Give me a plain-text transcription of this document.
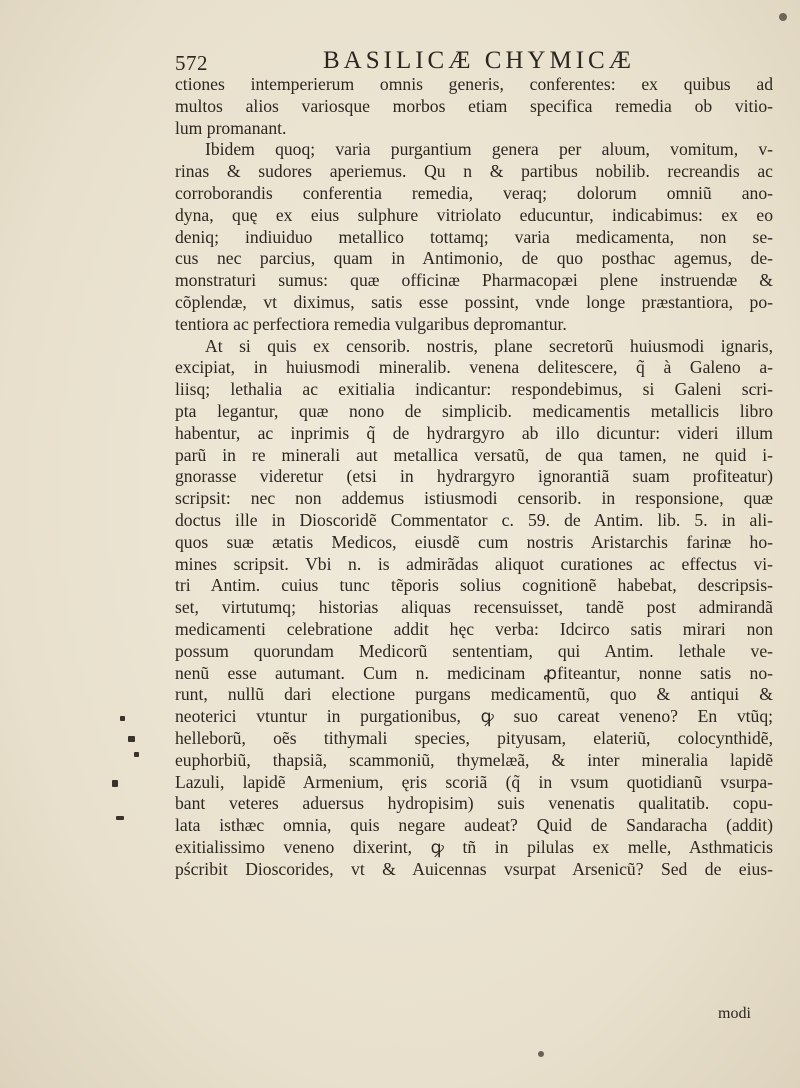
572	BASILICÆ CHYMICÆ
ctiones intemperierum omnis generis, conferentes: ex quibus ad
multos alios variosque morbos etiam specifica remedia ob vitio-
lum promanant.
Ibidem quoq; varia purgantium genera per alυum, vomitum, v-
rinas & sudores aperiemus. Qu n & partibus nobilib. recreandis ac
corroborandis conferentia remedia, veraq; dolorum omniũ ano-
dyna, quę ex eius sulphure vitriolato educuntur, indicabimus: ex eo
deniq; indiuiduo metallico tottamq; varia medicamenta, non se-
cus nec parcius, quam in Antimonio, de quo posthac agemus, de-
monstraturi sumus: quæ officinæ Pharmacopæi plene instruendæ &
cõplendæ, vt diximus, satis esse possint, vnde longe præstantiora, po-
tentiora ac perfectiora remedia vulgaribus depromantur.
At si quis ex censorib. nostris, plane secretorũ huiusmodi ignaris,
excipiat, in huiusmodi mineralib. venena delitescere, q̃ à Galeno a-
liisq; lethalia ac exitialia indicantur: respondebimus, si Galeni scri-
pta legantur, quæ nono de simplicib. medicamentis metallicis libro
habentur, ac inprimis q̃ de hydrargyro ab illo dicuntur: videri illum
parũ in re minerali aut metallica versatũ, de qua tamen, ne quid i-
gnorasse videretur (etsi in hydrargyro ignorantiã suam profiteatur)
scripsit: nec non addemus istiusmodi censorib. in responsione, quæ
doctus ille in Dioscoridẽ Commentator c. 59. de Antim. lib. 5. in ali-
quos suæ ætatis Medicos, eiusdẽ cum nostris Aristarchis farinæ ho-
mines scripsit. Vbi n. is admirãdas aliquot curationes ac effectus vi-
tri Antim. cuius tunc tẽporis solius cognitionẽ habebat, descripsis-
set, virtutumq; historias aliquas recensuisset, tandẽ post admirandã
medicamenti celebratione addit hęc verba: Idcirco satis mirari non
possum quorundam Medicorũ sententiam, qui Antim. lethale ve-
nenũ esse autumant. Cum n. medicinam ꝓfiteantur, nonne satis no-
runt, nullũ dari electione purgans medicamentũ, quo & antiqui &
neoterici vtuntur in purgationibus, ꝙ suo careat veneno? En vtũq;
helleborũ, oẽs tithymali species, pityusam, elateriũ, colocynthidẽ,
euphorbiũ, thapsiã, scammoniũ, thymelæã, & inter mineralia lapidẽ
Lazuli, lapidẽ Armenium, ęris scoriã (q̃ in vsum quotidianũ vsurpa-
bant veteres aduersus hydropisim) suis venenatis qualitatib. copu-
lata isthæc omnia, quis negare audeat? Quid de Sandaracha (addit)
exitialissimo veneno dixerint, ꝙ tñ in pilulas ex melle, Asthmaticis
pścribit Dioscorides, vt & Auicennas vsurpat Arsenicũ? Sed de eius-
modi
